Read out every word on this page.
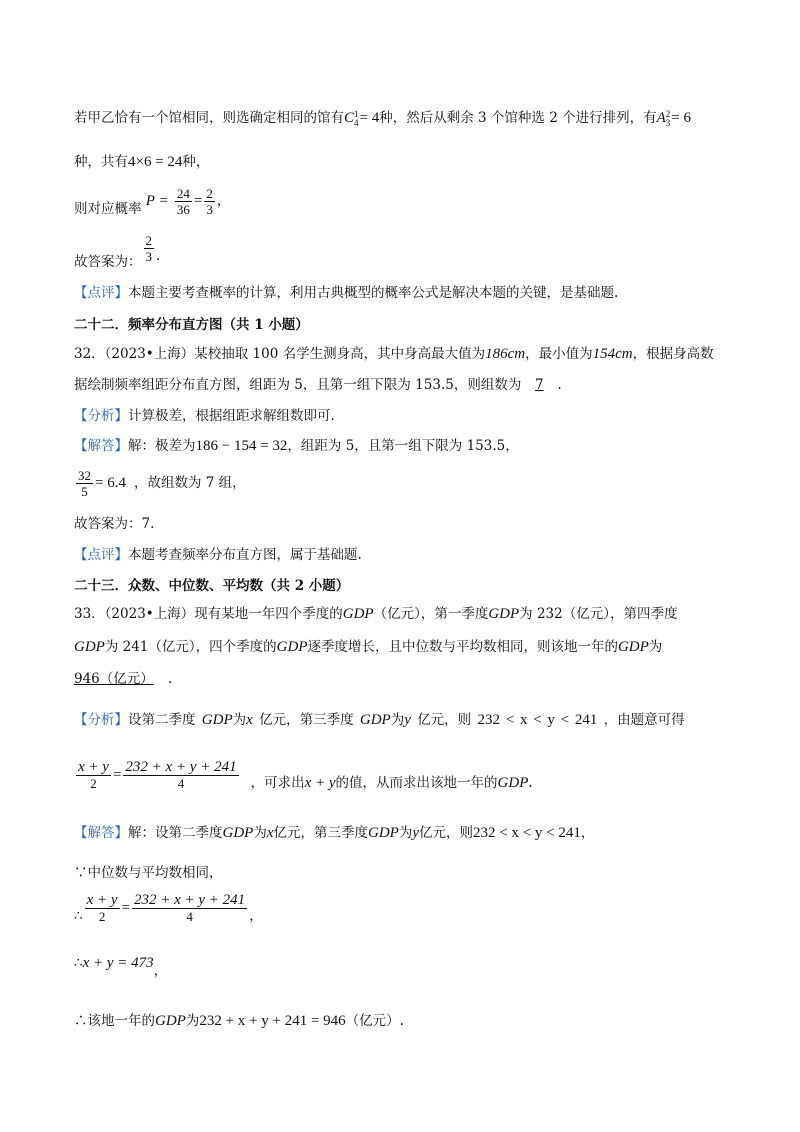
若甲乙恰有一个馆相同，则选确定相同的馆有C 1
4 = 4种，然后从剩余 3 个馆种选 2 个进行排列，有A 2
3 = 6
种，共有4×6 = 24种，
则对应概率 $P = \frac{24}{36} = \frac{2}{3}$ ，
故答案为： $\frac{2}{3}$ .
【点评】本题主要考查概率的计算，利用古典概型的概率公式是解决本题的关键，是基础题.
二十二．频率分布直方图（共 1 小题）
32．（2023•上海）某校抽取 100 名学生测身高，其中身高最大值为186cm，最小值为154cm，根据身高数
据绘制频率组距分布直方图，组距为 5，且第一组下限为 153.5，则组数为 7 .
【分析】计算极差，根据组距求解组数即可.
【解答】解：极差为186 − 154 = 32，组距为 5，且第一组下限为 153.5，
$\frac{32}{5} = 6.4$ ，故组数为 7 组，
故答案为：7.
【点评】本题考查频率分布直方图，属于基础题.
二十三．众数、中位数、平均数（共 2 小题）
33．（2023•上海）现有某地一年四个季度的GDP（亿元），第一季度GDP为 232（亿元），第四季度
GDP为 241（亿元），四个季度的GDP逐季度增长，且中位数与平均数相同，则该地一年的GDP为
946（亿元） .
【分析】设第二季度 GDP为x 亿元，第三季度 GDP为y 亿元，则 232 < x < y < 241 ，由题意可得
$\frac{x + y}{2} = \frac{232 + x + y + 241}{4}$ ，可求出x + y的值，从而求出该地一年的GDP.
【解答】解：设第二季度GDP为x亿元，第三季度GDP为y亿元，则232 < x < y < 241，
∵中位数与平均数相同，
∴ $\frac{x + y}{2} = \frac{232 + x + y + 241}{4}$ ，
∴x + y = 473，
∴该地一年的GDP为232 + x + y + 241 = 946（亿元）.
